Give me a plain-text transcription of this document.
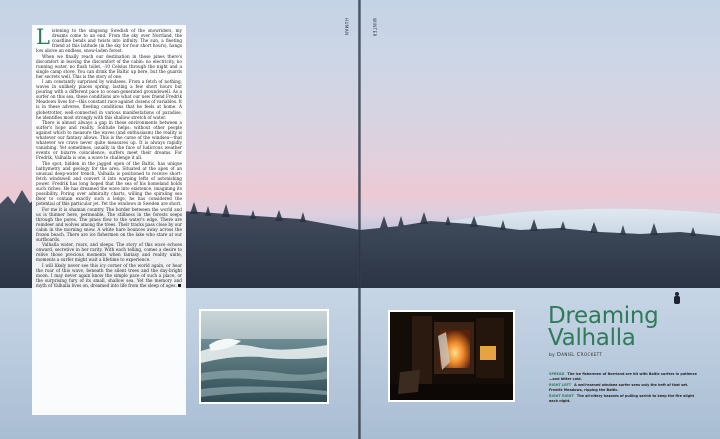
HUMAN	WINTER

Listening to the singsong Swedish of the snowriders, my dreams come to an end. From the sky over Norrland, the coastline bends and twists into infinity. The sun, a fleeting friend at this latitude (in the sky for four short hours), hangs low above an endless, snow-laden forest.

When we finally reach our destination in these pines there's discomfort in leaving the discomfort of the cabin: no electricity, no running water, no flush toilet, -10 Celsius through the night and a single camp stove. You can drink the Baltic up here, but the guards her secrets well. This is the story of one.

I am constantly surprised by windsees. From a fetch of nothing, waves in unlikely places spring, lasting a few short hours but pouring with a different pace to ocean-generated groundswell. As a surfer on this sea, these conditions are what our new friend Fredrik Meadows lives for—this constant race against dozens of variables. It is in these adverse, fleeting conditions that he feels at home. A globetrotter, well-connected in various manifestations of paradise, he identifies most strongly with this shallow stretch of water.

There is almost always a gap in these environments between a surfer's hope and reality. Solitude helps: without other people against which to measure the waves (and enthusiasm) the reality is whatever our fantasy allows. This is the curse of the windsea—that whatever we crave never quite measures up. It is always rapidly vanishing. Yet sometimes, usually in the face of ludicrous weather events or bizarre coincidence, surfers meet their dreams. For Fredrik, Valhalla is one, a wave to challenge it all.

The spot, hidden in the jagged open of the Baltic, has unique bathymetry and geology for the area. Situated at the apex of an unusual deep-water trench, Valhalla is positioned to receive short-fetch windswell and convert it into warping lefts of astonishing power. Fredrik has long hoped that the sea of his homeland holds such riches. He has dreamed the wave into existence, imagining its possibility. Poring over admiralty charts, willing the spiraling sea floor to contain exactly such a ledge, he has considered the potential of this particular jet. Yet the windows in Sweden are short.

For me it is shaman country. The border between the world and us is thinner here, permeable. The stillness in the forests seeps through the pores. The pines flow to the water's edge. There are reindeer and wolves among the trees. Their tracks pass close by our cabin in the morning snow. A white hare bounces away across the frozen beach. There are ice fishermen on the lake who stare at our surfboards.

Valhalla water, roars, and sleeps. The story of this wave echoes onward, secretive in her rarity. With each telling, comes a desire to relive those precious moments when fantasy and reality unite, moments a surfer might wait a lifetime to experience.

I will likely never see this icy corner of the world again, or hear the roar of this wave, beneath the silent trees and the day-bright moon. I may never again know the simple pace of such a place, or the surprising fury of its small, shallow sea. Yet the memory and myth of Valhalla lives on, dreamed into life from the sleep of ages.

Dreaming
Valhalla
by Daniel Crockett
SPREAD The ice fishermen of Norrland are hit with Baltic surfers in patience—and bitter cold.
RIGHT LEFT A well-earned windsea surfer sees only the heft of that set. Fredrik Meadows, ripping the Baltic.
RIGHT RIGHT The all-nitery hazards of pulling sarinh to keep the fire alight each night.
